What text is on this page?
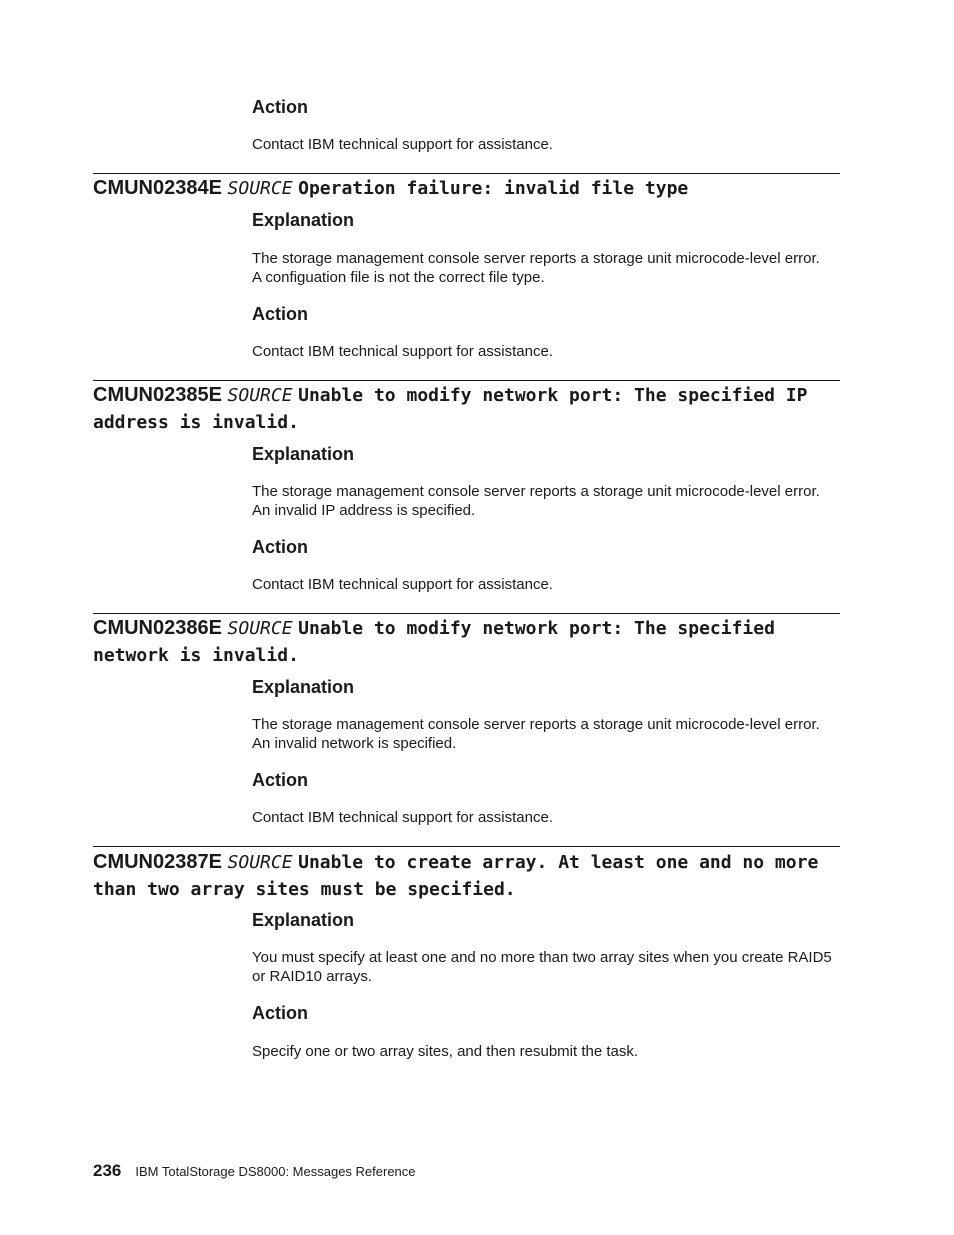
Action

Contact IBM technical support for assistance.

CMUN02384E SOURCE Operation failure: invalid file type

Explanation

The storage management console server reports a storage unit microcode-level error. A configuation file is not the correct file type.

Action

Contact IBM technical support for assistance.

CMUN02385E SOURCE Unable to modify network port: The specified IP address is invalid.

Explanation

The storage management console server reports a storage unit microcode-level error. An invalid IP address is specified.

Action

Contact IBM technical support for assistance.

CMUN02386E SOURCE Unable to modify network port: The specified network is invalid.

Explanation

The storage management console server reports a storage unit microcode-level error. An invalid network is specified.

Action

Contact IBM technical support for assistance.

CMUN02387E SOURCE Unable to create array. At least one and no more than two array sites must be specified.

Explanation

You must specify at least one and no more than two array sites when you create RAID5 or RAID10 arrays.

Action

Specify one or two array sites, and then resubmit the task.

236 IBM TotalStorage DS8000: Messages Reference
